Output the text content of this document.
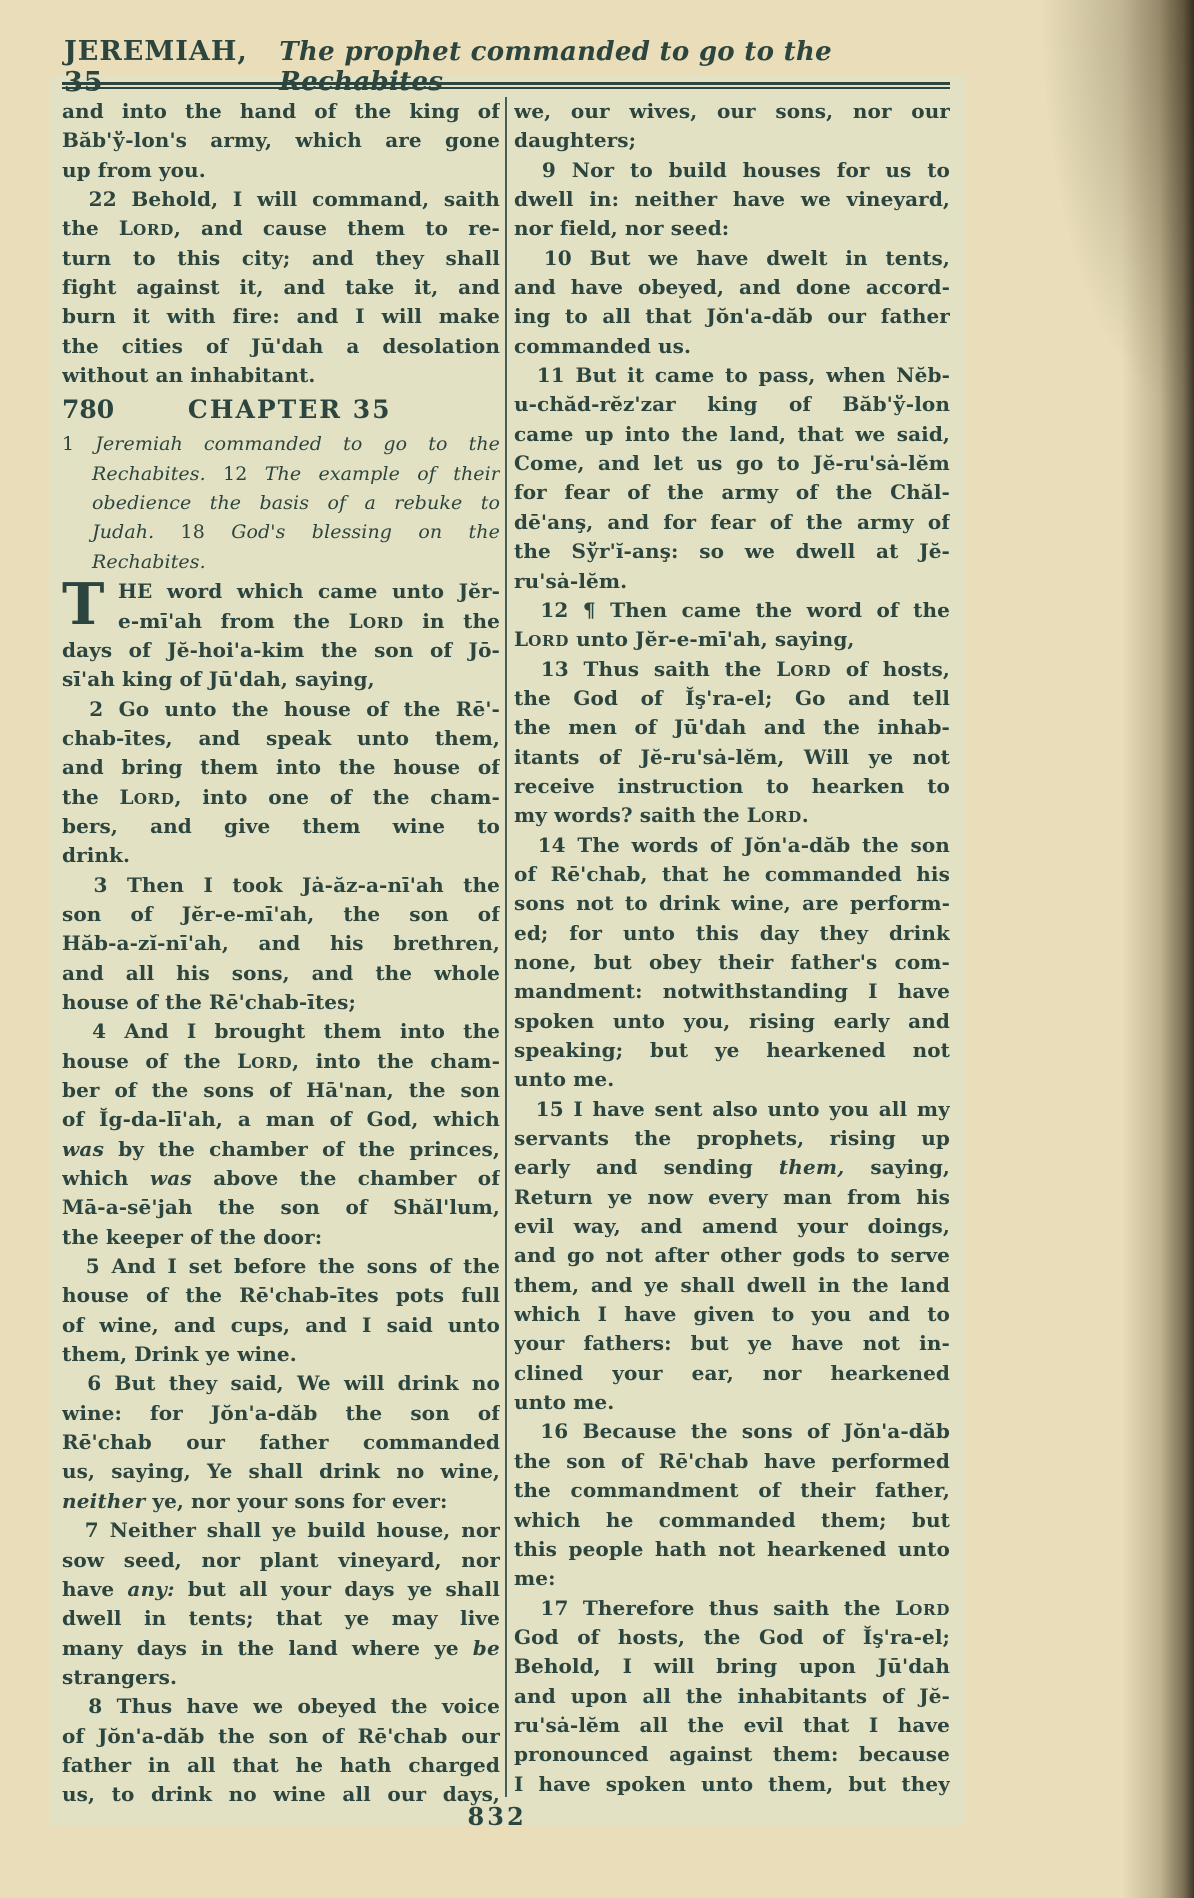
JEREMIAH, 35
The prophet commanded to go to the Rechabites
and into the hand of the king of
Băb'ў-lon's army, which are gone
up from you.
22 Behold, I will command, saith
the LORD, and cause them to re-
turn to this city; and they shall
fight against it, and take it, and
burn it with fire: and I will make
the cities of Jū'dah a desolation
without an inhabitant.
780	CHAPTER 35
1 Jeremiah commanded to go to the
Rechabites. 12 The example of their
obedience the basis of a rebuke to
Judah. 18 God's blessing on the
Rechabites.
T HE word which came unto Jĕr-
e-mī'ah from the LORD in the
days of Jĕ-hoi'a-kim the son of Jō-
sī'ah king of Jū'dah, saying,
2 Go unto the house of the Rē'-
chab-ītes, and speak unto them,
and bring them into the house of
the LORD, into one of the cham-
bers, and give them wine to
drink.
3 Then I took Jȧ-ăz-a-nī'ah the
son of Jĕr-e-mī'ah, the son of
Hăb-a-zĭ-nī'ah, and his brethren,
and all his sons, and the whole
house of the Rē'chab-ītes;
4 And I brought them into the
house of the LORD, into the cham-
ber of the sons of Hā'nan, the son
of Ĭg-da-lī'ah, a man of God, which
was by the chamber of the princes,
which was above the chamber of
Mā-a-sē'jah the son of Shăl'lum,
the keeper of the door:
5 And I set before the sons of the
house of the Rē'chab-ītes pots full
of wine, and cups, and I said unto
them, Drink ye wine.
6 But they said, We will drink no
wine: for Jŏn'a-dăb the son of
Rē'chab our father commanded
us, saying, Ye shall drink no wine,
neither ye, nor your sons for ever:
7 Neither shall ye build house, nor
sow seed, nor plant vineyard, nor
have any: but all your days ye shall
dwell in tents; that ye may live
many days in the land where ye be
strangers.
8 Thus have we obeyed the voice
of Jŏn'a-dăb the son of Rē'chab our
father in all that he hath charged
us, to drink no wine all our days,
we, our wives, our sons, nor our
daughters;
9 Nor to build houses for us to
dwell in: neither have we vineyard,
nor field, nor seed:
10 But we have dwelt in tents,
and have obeyed, and done accord-
ing to all that Jŏn'a-dăb our father
commanded us.
11 But it came to pass, when Nĕb-
u-chăd-rĕz'zar king of Băb'ў-lon
came up into the land, that we said,
Come, and let us go to Jĕ-ru'sȧ-lĕm
for fear of the army of the Chăl-
dē'anş, and for fear of the army of
the Sўr'ĭ-anş: so we dwell at Jĕ-
ru'sȧ-lĕm.
12 ¶ Then came the word of the
LORD unto Jĕr-e-mī'ah, saying,
13 Thus saith the LORD of hosts,
the God of Ĭş'ra-el; Go and tell
the men of Jū'dah and the inhab-
itants of Jĕ-ru'sȧ-lĕm, Will ye not
receive instruction to hearken to
my words? saith the LORD.
14 The words of Jŏn'a-dăb the son
of Rē'chab, that he commanded his
sons not to drink wine, are perform-
ed; for unto this day they drink
none, but obey their father's com-
mandment: notwithstanding I have
spoken unto you, rising early and
speaking; but ye hearkened not
unto me.
15 I have sent also unto you all my
servants the prophets, rising up
early and sending them, saying,
Return ye now every man from his
evil way, and amend your doings,
and go not after other gods to serve
them, and ye shall dwell in the land
which I have given to you and to
your fathers: but ye have not in-
clined your ear, nor hearkened
unto me.
16 Because the sons of Jŏn'a-dăb
the son of Rē'chab have performed
the commandment of their father,
which he commanded them; but
this people hath not hearkened unto
me:
17 Therefore thus saith the LORD
God of hosts, the God of Ĭş'ra-el;
Behold, I will bring upon Jū'dah
and upon all the inhabitants of Jĕ-
ru'sȧ-lĕm all the evil that I have
pronounced against them: because
I have spoken unto them, but they
832
